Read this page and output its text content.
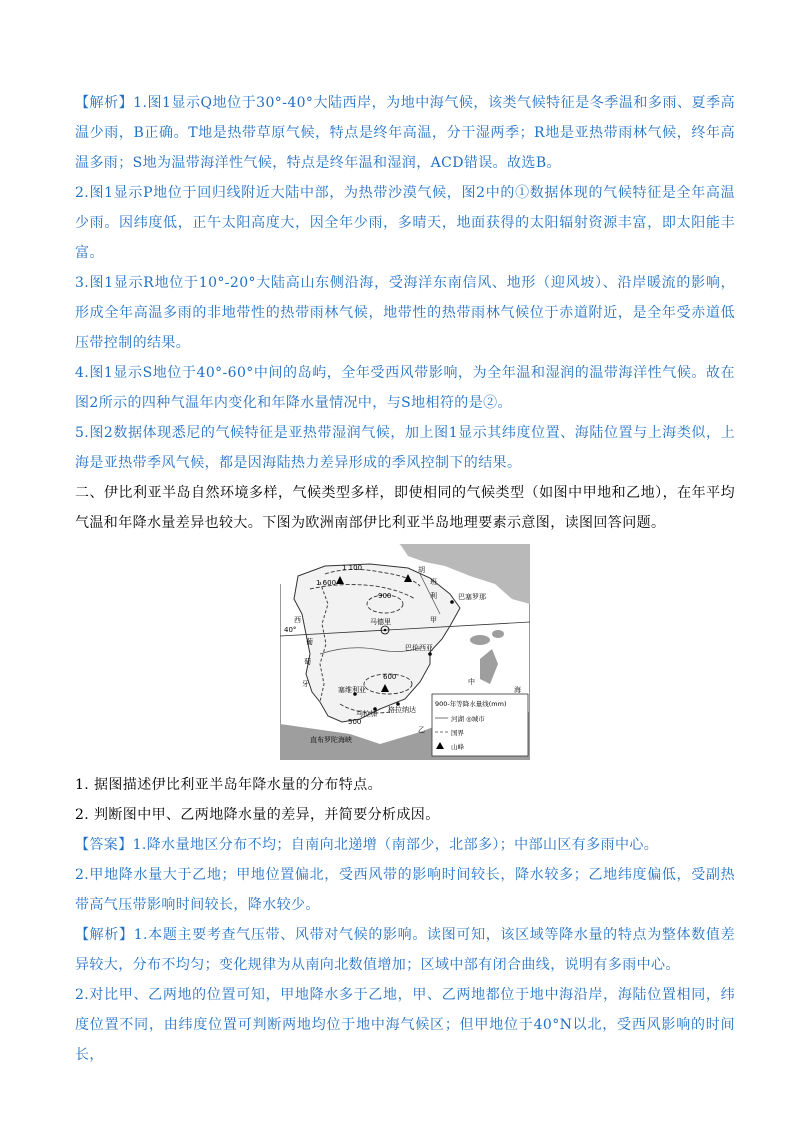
【解析】1.图1显示Q地位于30°-40°大陆西岸，为地中海气候，该类气候特征是冬季温和多雨、夏季高温少雨，B正确。T地是热带草原气候，特点是终年高温，分干湿两季；R地是亚热带雨林气候，终年高温多雨；S地为温带海洋性气候，特点是终年温和湿润，ACD错误。故选B。

2.图1显示P地位于回归线附近大陆中部，为热带沙漠气候，图2中的①数据体现的气候特征是全年高温少雨。因纬度低，正午太阳高度大，因全年少雨，多晴天，地面获得的太阳辐射资源丰富，即太阳能丰富。

3.图1显示R地位于10°-20°大陆高山东侧沿海，受海洋东南信风、地形（迎风坡）、沿岸暖流的影响，形成全年高温多雨的非地带性的热带雨林气候，地带性的热带雨林气候位于赤道附近，是全年受赤道低压带控制的结果。

4.图1显示S地位于40°-60°中间的岛屿，全年受西风带影响，为全年温和湿润的温带海洋性气候。故在图2所示的四种气温年内变化和年降水量情况中，与S地相符的是②。

5.图2数据体现悉尼的气候特征是亚热带湿润气候，加上图1显示其纬度位置、海陆位置与上海类似，上海是亚热带季风气候，都是因海陆热力差异形成的季风控制下的结果。

二、伊比利亚半岛自然环境多样，气候类型多样，即使相同的气候类型（如图中甲地和乙地），在年平均气温和年降水量差异也较大。下图为欧洲南部伊比利亚半岛地理要素示意图，读图回答问题。

1 100
1 600
900
600
500
马德里
巴塞罗那
巴伦西亚
格拉纳达
马拉加
塞维利亚
直布罗陀海峡
40°
甲
乙
中
海
西
葡
萄
牙
班
利
胡
900-年等降水量线(mm)
河湖 ◎城市
国界
山峰

1. 据图描述伊比利亚半岛年降水量的分布特点。

2. 判断图中甲、乙两地降水量的差异，并简要分析成因。

【答案】1.降水量地区分布不均；自南向北递增（南部少，北部多）；中部山区有多雨中心。

2.甲地降水量大于乙地；甲地位置偏北，受西风带的影响时间较长，降水较多；乙地纬度偏低，受副热带高气压带影响时间较长，降水较少。

【解析】1.本题主要考查气压带、风带对气候的影响。读图可知，该区域等降水量的特点为整体数值差异较大，分布不均匀；变化规律为从南向北数值增加；区域中部有闭合曲线，说明有多雨中心。

2.对比甲、乙两地的位置可知，甲地降水多于乙地，甲、乙两地都位于地中海沿岸，海陆位置相同，纬度位置不同，由纬度位置可判断两地均位于地中海气候区；但甲地位于40°N以北，受西风影响的时间长，
